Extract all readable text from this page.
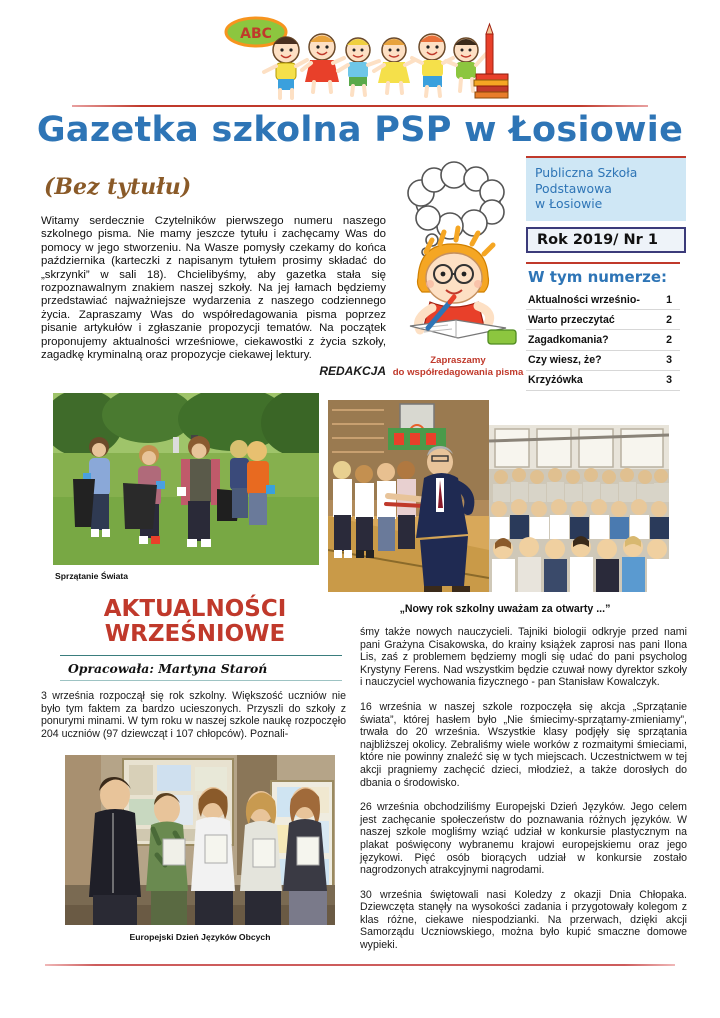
ABC
Gazetka szkolna PSP w Łosiowie
(Bez tytułu)
Witamy serdecznie Czytelników pierwszego numeru naszego szkolnego pisma. Nie mamy jeszcze tytułu i zachęcamy Was do pomocy w jego stworzeniu. Na Wasze pomysły czekamy do końca października (karteczki z napisanym tytułem prosimy składać do „skrzynki” w sali 18). Chcielibyśmy, aby gazetka stała się rozpoznawalnym znakiem naszej szkoły. Na jej łamach będziemy przedstawiać najważniejsze wydarzenia z naszego codziennego życia. Zapraszamy Was do współredagowania pisma poprzez pisanie artykułów i zgłaszanie propozycji tematów. Na początek proponujemy aktualności wrześniowe, ciekawostki z życia szkoły, zagadkę kryminalną oraz propozycje ciekawej lektury.
REDAKCJA
Zapraszamy
do współredagowania pisma
Publiczna Szkoła
Podstawowa
w Łosiowie
Rok 2019/ Nr 1
W tym numerze:
Aktualności wrześnio- 1
Warto przeczytać	2
Zagadkomania?	2
Czy wiesz, że?	3
Krzyżówka	3
Sprzątanie Świata
„Nowy rok szkolny uważam za otwarty ...”
AKTUALNOŚCI
WRZEŚNIOWE
Opracowała: Martyna Staroń
3 września rozpoczął się rok szkolny. Większość uczniów nie było tym faktem za bardzo ucieszonych. Przyszli do szkoły z ponurymi minami. W tym roku w naszej szkole naukę rozpoczęło 204 uczniów (97 dziewcząt i 107 chłopców). Poznali-
Europejski Dzień Języków Obcych

śmy także nowych nauczycieli. Tajniki biologii odkryje przed nami pani Grażyna Cisakowska, do krainy książek zaprosi nas pani Ilona Lis, zaś z problemem będziemy mogli się udać do pani psycholog Krystyny Ferens. Nad wszystkim będzie czuwał nowy dyrektor szkoły i nauczyciel wychowania fizycznego - pan Stanisław Kowalczyk.

16 września w naszej szkole rozpoczęła się akcja „Sprzątanie świata”, której hasłem było „Nie śmiecimy-sprzątamy-zmieniamy”, trwała do 20 września. Wszystkie klasy podjęły się sprzątania najbliższej okolicy. Zebraliśmy wiele worków z rozmaitymi śmieciami, które nie powinny znaleźć się w tych miejscach. Uczestnictwem w tej akcji pragniemy zachęcić dzieci, młodzież, a także dorosłych do dbania o środowisko.

26 września obchodziliśmy Europejski Dzień Języków. Jego celem jest zachęcanie społeczeństw do poznawania różnych języków. W naszej szkole mogliśmy wziąć udział w konkursie plastycznym na plakat poświęcony wybranemu krajowi europejskiemu oraz jego językowi. Pięć osób biorących udział w konkursie zostało nagrodzonych atrakcyjnymi nagrodami.

30 września świętowali nasi Koledzy z okazji Dnia Chłopaka. Dziewczęta stanęły na wysokości zadania i przygotowały kolegom z klas różne, ciekawe niespodzianki. Na przerwach, dzięki akcji Samorządu Uczniowskiego, można było kupić smaczne domowe wypieki.
